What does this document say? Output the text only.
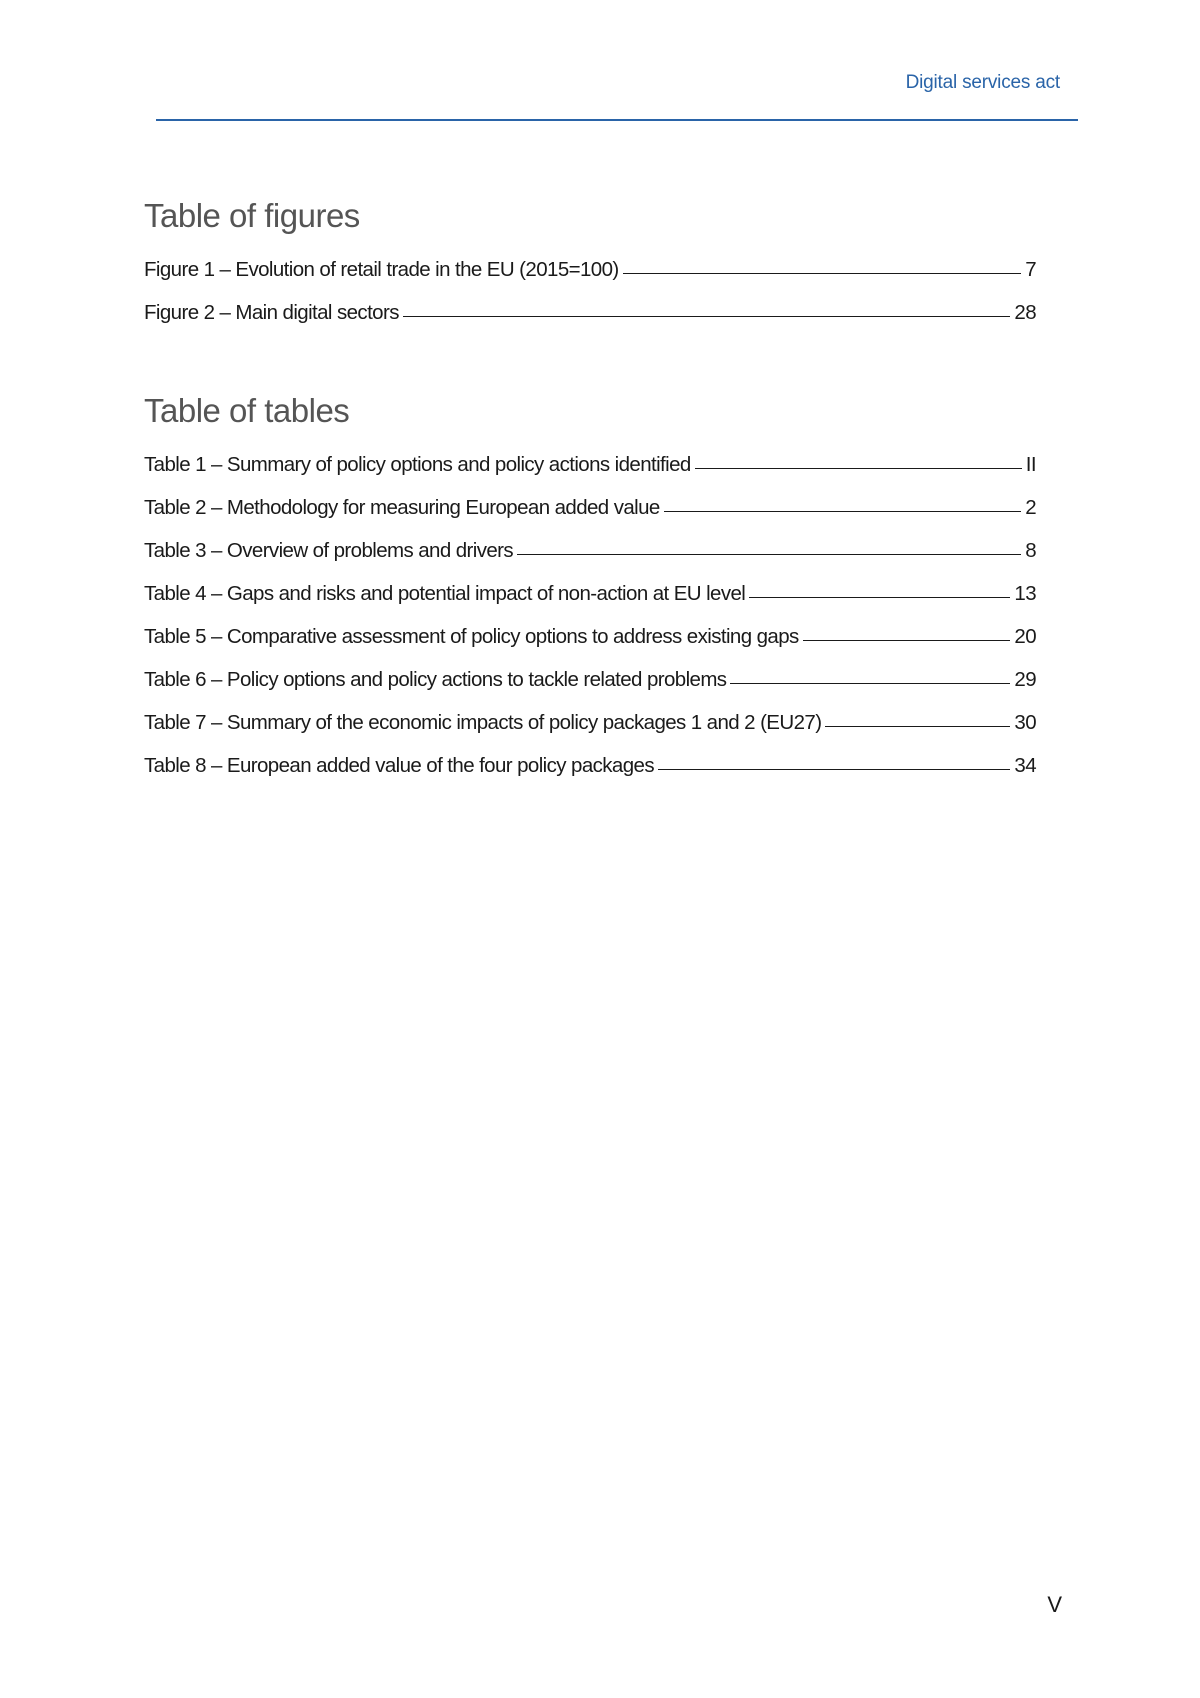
Digital services act
Table of figures
Figure 1 – Evolution of retail trade in the EU (2015=100)	7
Figure 2 – Main digital sectors	28
Table of tables
Table 1 – Summary of policy options and policy actions identified	II
Table 2 – Methodology for measuring European added value	2
Table 3 – Overview of problems and drivers	8
Table 4 – Gaps and risks and potential impact of non-action at EU level	13
Table 5 – Comparative assessment of policy options to address existing gaps	20
Table 6 – Policy options and policy actions to tackle related problems	29
Table 7 – Summary of the economic impacts of policy packages 1 and 2 (EU27)	30
Table 8 – European added value of the four policy packages	34
V
